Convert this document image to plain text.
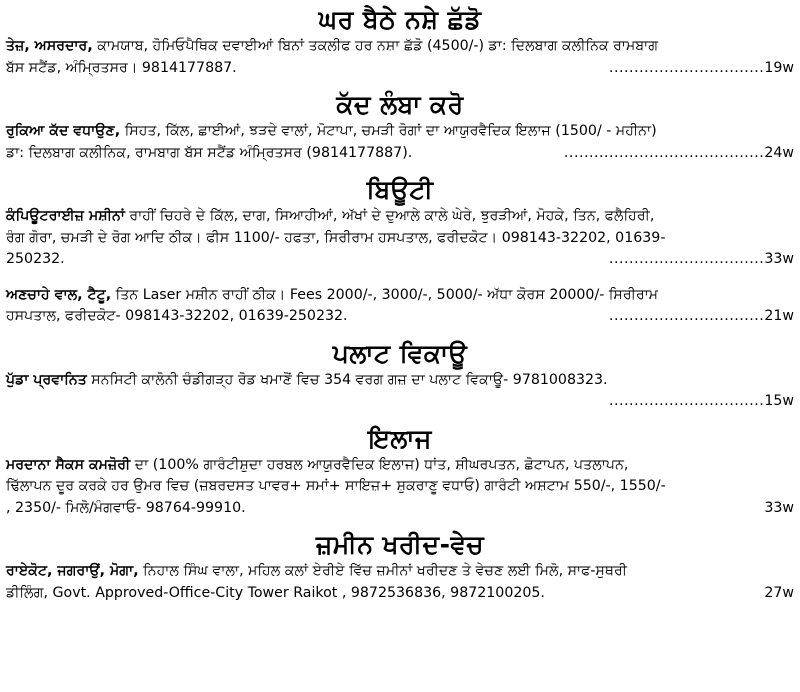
ਘਰ ਬੈਠੇ ਨਸ਼ੇ ਛੱਡੋ
ਤੇਜ਼, ਅਸਰਦਾਰ, ਕਾਮਯਾਬ, ਹੋਮਿਓਪੈਥਿਕ ਦਵਾਈਆਂ ਬਿਨਾਂ ਤਕਲੀਫ ਹਰ ਨਸ਼ਾ ਛੱਡੋ (4500/-) ਡਾ: ਦਿਲਬਾਗ ਕਲੀਨਿਕ ਰਾਮਬਾਗ
ਬੱਸ ਸਟੈਂਡ, ਅੰਮ੍ਰਿਤਸਰ। 9814177887.	...............................19w
ਕੱਦ ਲੰਬਾ ਕਰੋ
ਰੁਕਿਆ ਕੱਦ ਵਧਾਉਣ, ਸਿਹਤ, ਕਿੱਲ, ਛਾਈਆਂ, ਝੜਦੇ ਵਾਲਾਂ, ਮੋਟਾਪਾ, ਚਮੜੀ ਰੋਗਾਂ ਦਾ ਆਯੁਰਵੈਦਿਕ ਇਲਾਜ (1500/ - ਮਹੀਨਾ)
ਡਾ: ਦਿਲਬਾਗ ਕਲੀਨਿਕ, ਰਾਮਬਾਗ ਬੱਸ ਸਟੈਂਡ ਅੰਮ੍ਰਿਤਸਰ (9814177887).	........................................24w
ਬਿਊਟੀ
ਕੰਪਿਊਟਰਾਈਜ਼ ਮਸ਼ੀਨਾਂ ਰਾਹੀਂ ਚਿਹਰੇ ਦੇ ਕਿੱਲ, ਦਾਗ, ਸਿਆਹੀਆਂ, ਅੱਖਾਂ ਦੇ ਦੁਆਲੇ ਕਾਲੇ ਘੇਰੇ, ਝੁਰੜੀਆਂ, ਮੋਹਕੇ, ਤਿਨ, ਫਲੈਹਿਰੀ,
ਰੰਗ ਗੋਰਾ, ਚਮੜੀ ਦੇ ਰੋਗ ਆਦਿ ਠੀਕ। ਫੀਸ 1100/- ਹਫਤਾ, ਸਿਰੀਰਾਮ ਹਸਪਤਾਲ, ਫਰੀਦਕੋਟ। 098143-32202, 01639-
250232.	...............................33w
ਅਣਚਾਹੇ ਵਾਲ, ਟੈਟੂ, ਤਿਨ Laser ਮਸ਼ੀਨ ਰਾਹੀਂ ਠੀਕ। Fees 2000/-, 3000/-, 5000/- ਅੱਧਾ ਕੋਰਸ 20000/- ਸਿਰੀਰਾਮ
ਹਸਪਤਾਲ, ਫਰੀਦਕੋਟ- 098143-32202, 01639-250232.	...............................21w
ਪਲਾਟ ਵਿਕਾਊ
ਪੁੱਡਾ ਪ੍ਰਵਾਨਿਤ ਸਨਸਿਟੀ ਕਾਲੋਨੀ ਚੰਡੀਗੜ੍ਹ ਰੋਡ ਖਮਾਣੋਂ ਵਿਚ 354 ਵਰਗ ਗਜ਼ ਦਾ ਪਲਾਟ ਵਿਕਾਊ- 9781008323.
...............................15w
ਇਲਾਜ
ਮਰਦਾਨਾ ਸੈਕਸ ਕਮਜ਼ੋਰੀ ਦਾ (100% ਗਾਰੰਟੀਸ਼ੁਦਾ ਹਰਬਲ ਆਯੁਰਵੈਦਿਕ ਇਲਾਜ) ਧਾਂਤ, ਸ਼ੀਘਰਪਤਨ, ਛੋਟਾਪਨ, ਪਤਲਾਪਨ,
ਢਿੱਲਾਪਨ ਦੂਰ ਕਰਕੇ ਹਰ ਉਮਰ ਵਿਚ (ਜ਼ਬਰਦਸਤ ਪਾਵਰ+ ਸਮਾਂ+ ਸਾਇਜ਼+ ਸ਼ੁਕਰਾਣੂ ਵਧਾਓ) ਗਾਰੰਟੀ ਅਸ਼ਟਾਮ 550/-, 1550/-
, 2350/- ਮਿਲੋ/ਮੰਗਵਾਓ- 98764-99910.	33w
ਜ਼ਮੀਨ ਖਰੀਦ-ਵੇਚ
ਰਾਏਕੋਟ, ਜਗਰਾਉਂ, ਮੋਗਾ, ਨਿਹਾਲ ਸਿੰਘ ਵਾਲਾ, ਮਹਿਲ ਕਲਾਂ ਏਰੀਏ ਵਿੱਚ ਜ਼ਮੀਨਾਂ ਖਰੀਦਣ ਤੇ ਵੇਚਣ ਲਈ ਮਿਲੋ, ਸਾਫ-ਸੁਥਰੀ
ਡੀਲਿੰਗ, Govt. Approved-Office-City Tower Raikot , 9872536836, 9872100205.	27w
